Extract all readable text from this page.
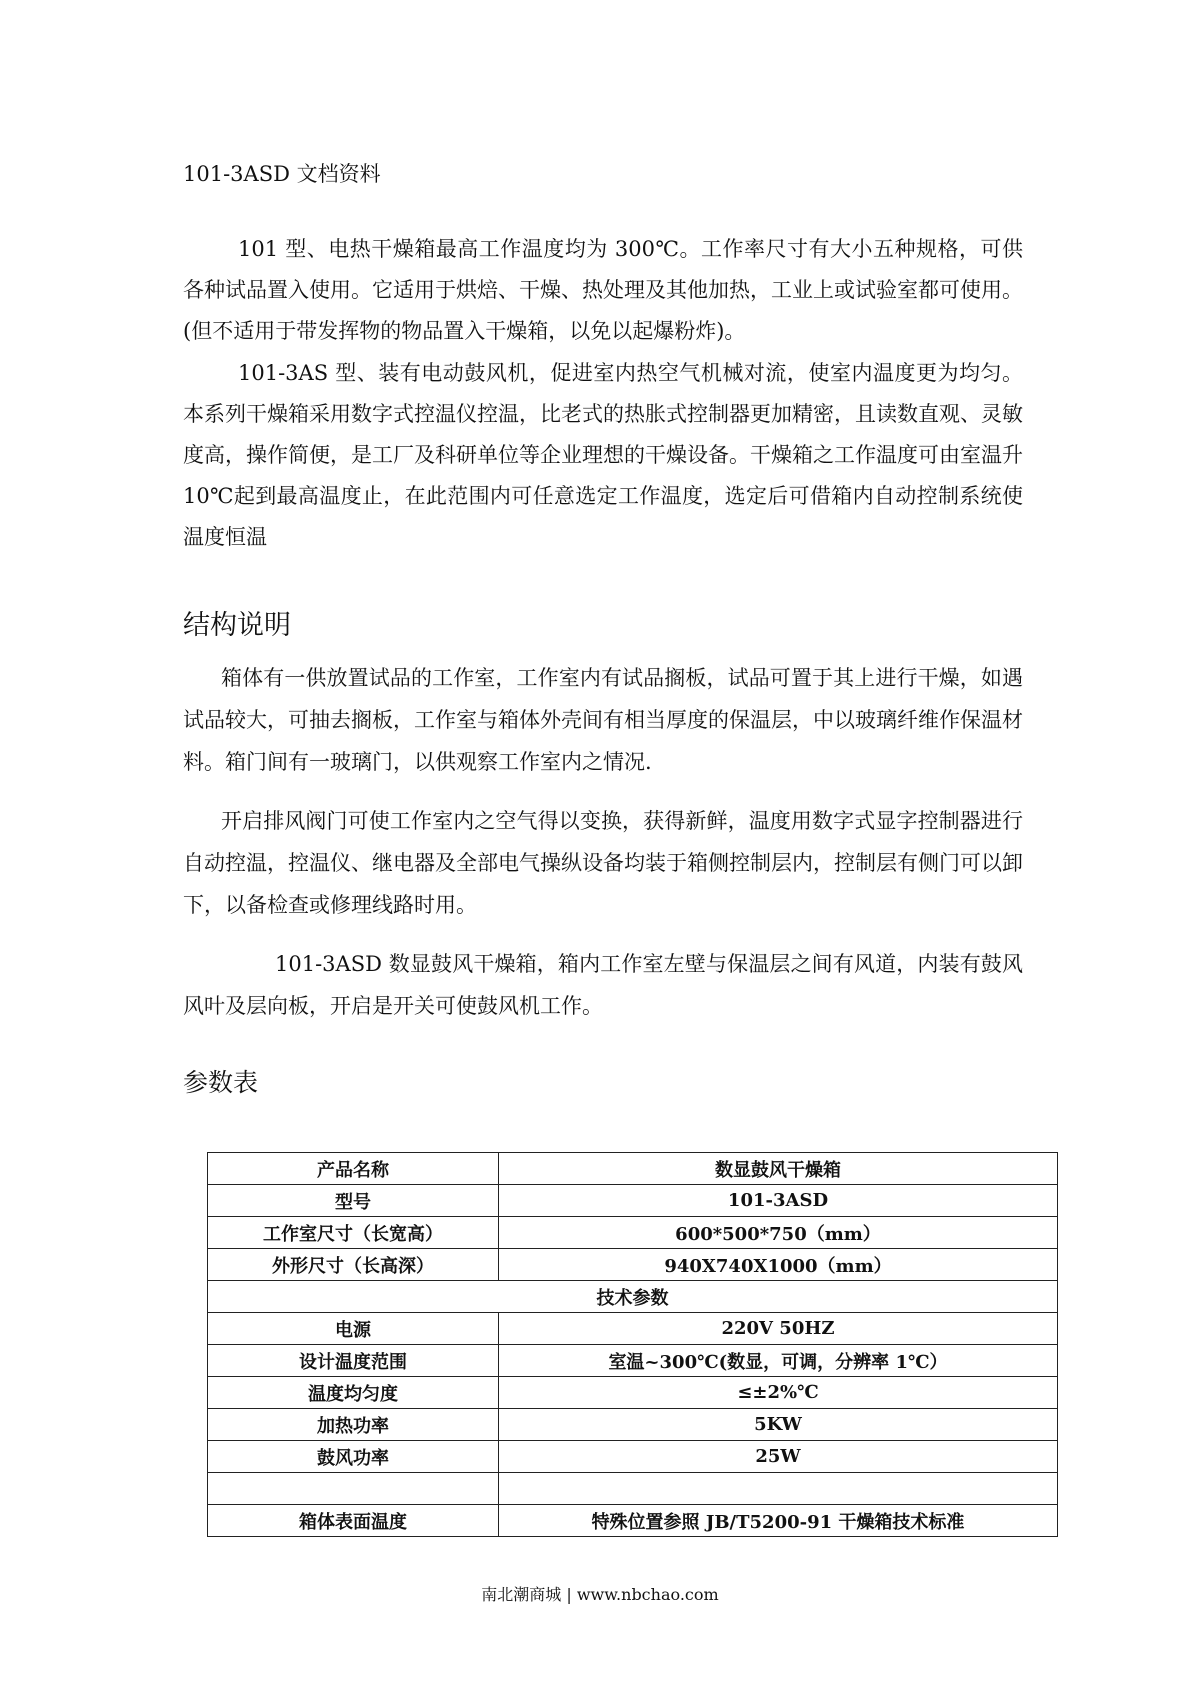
101-3ASD 文档资料

101 型、电热干燥箱最高工作温度均为 300℃。工作率尺寸有大小五种规格，可供各种试品置入使用。它适用于烘焙、干燥、热处理及其他加热，工业上或试验室都可使用。(但不适用于带发挥物的物品置入干燥箱，以免以起爆粉炸)。

101-3AS 型、装有电动鼓风机，促进室内热空气机械对流，使室内温度更为均匀。本系列干燥箱采用数字式控温仪控温，比老式的热胀式控制器更加精密，且读数直观、灵敏度高，操作简便，是工厂及科研单位等企业理想的干燥设备。干燥箱之工作温度可由室温升 10℃起到最高温度止，在此范围内可任意选定工作温度，选定后可借箱内自动控制系统使温度恒温

结构说明

箱体有一供放置试品的工作室，工作室内有试品搁板，试品可置于其上进行干燥，如遇试品较大，可抽去搁板，工作室与箱体外壳间有相当厚度的保温层，中以玻璃纤维作保温材料。箱门间有一玻璃门，以供观察工作室内之情况.

开启排风阀门可使工作室内之空气得以变换，获得新鲜，温度用数字式显字控制器进行自动控温，控温仪、继电器及全部电气操纵设备均装于箱侧控制层内，控制层有侧门可以卸下，以备检查或修理线路时用。

101-3ASD 数显鼓风干燥箱，箱内工作室左壁与保温层之间有风道，内装有鼓风风叶及层向板，开启是开关可使鼓风机工作。

参数表
产品名称	数显鼓风干燥箱
型号	101-3ASD
工作室尺寸（长宽高）	600*500*750（mm）
外形尺寸（长高深）	940X740X1000（mm）
技术参数	
电源	220V 50HZ
设计温度范围	室温~300℃(数显，可调，分辨率 1℃）
温度均匀度	≤±2%℃
加热功率	5KW
鼓风功率	25W

箱体表面温度	特殊位置参照 JB/T5200-91 干燥箱技术标准
南北潮商城 | www.nbchao.com
